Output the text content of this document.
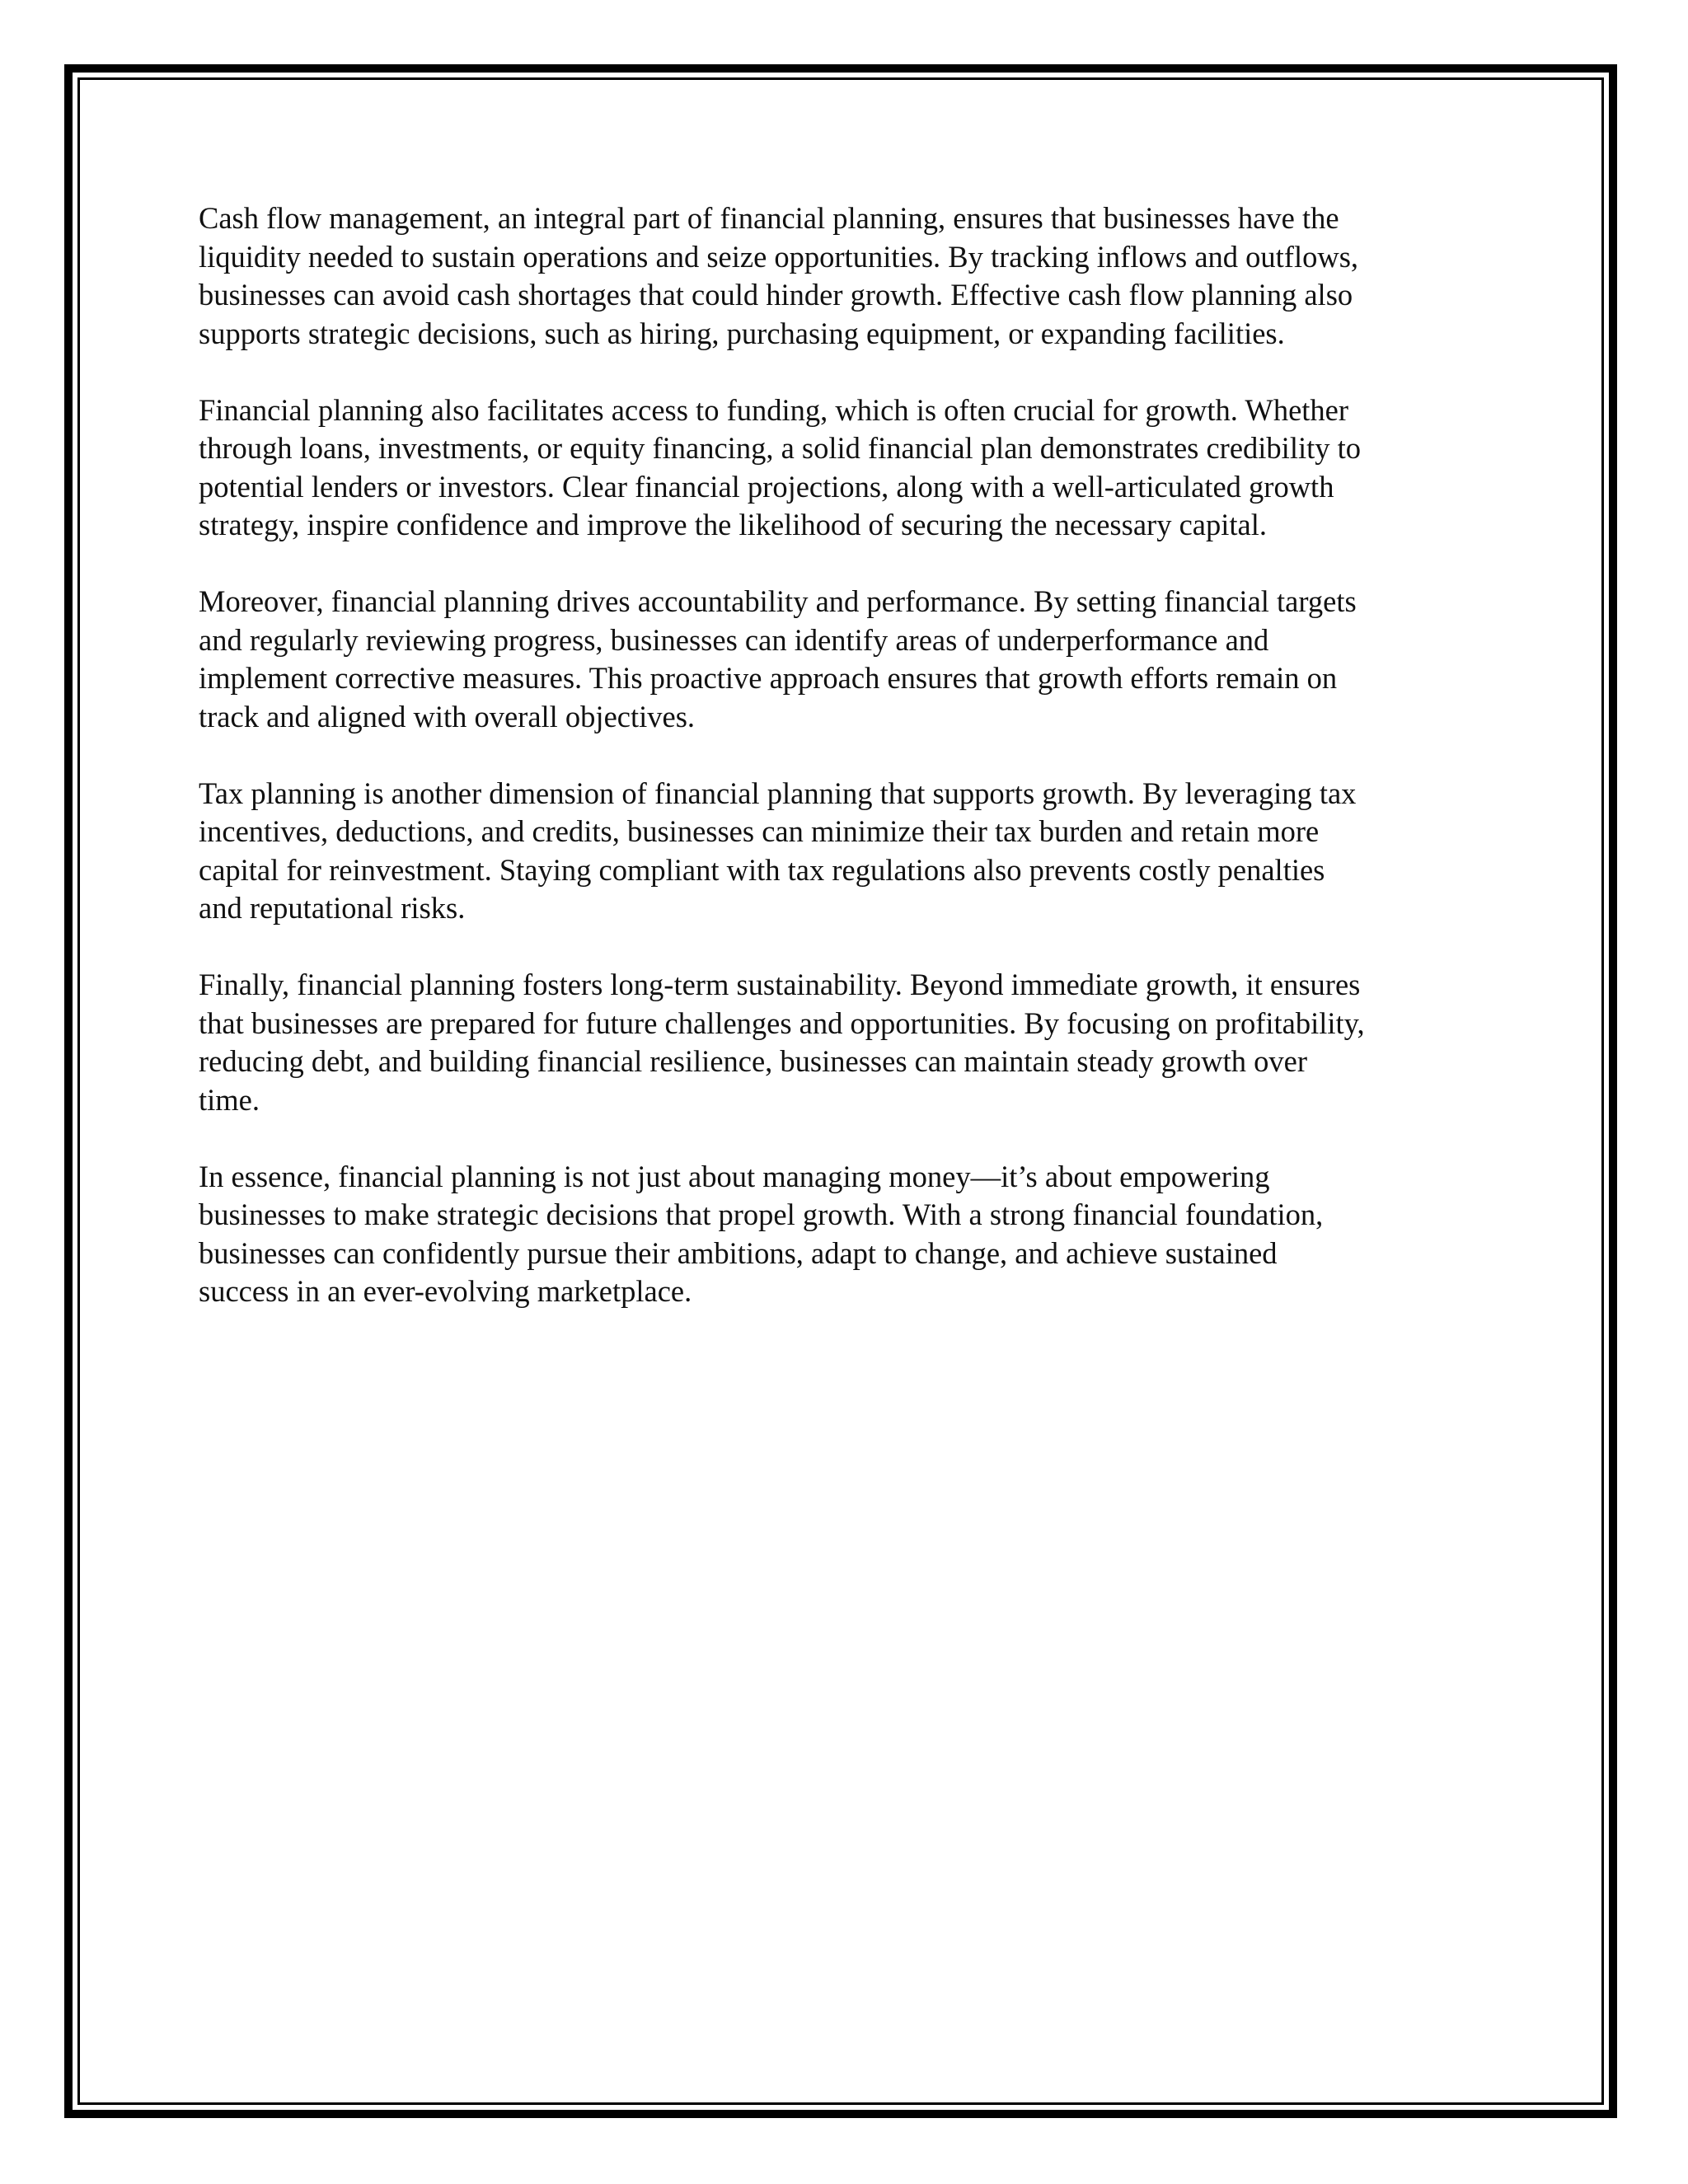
Cash flow management, an integral part of financial planning, ensures that businesses have the
liquidity needed to sustain operations and seize opportunities. By tracking inflows and outflows,
businesses can avoid cash shortages that could hinder growth. Effective cash flow planning also
supports strategic decisions, such as hiring, purchasing equipment, or expanding facilities.

Financial planning also facilitates access to funding, which is often crucial for growth. Whether
through loans, investments, or equity financing, a solid financial plan demonstrates credibility to
potential lenders or investors. Clear financial projections, along with a well-articulated growth
strategy, inspire confidence and improve the likelihood of securing the necessary capital.

Moreover, financial planning drives accountability and performance. By setting financial targets
and regularly reviewing progress, businesses can identify areas of underperformance and
implement corrective measures. This proactive approach ensures that growth efforts remain on
track and aligned with overall objectives.

Tax planning is another dimension of financial planning that supports growth. By leveraging tax
incentives, deductions, and credits, businesses can minimize their tax burden and retain more
capital for reinvestment. Staying compliant with tax regulations also prevents costly penalties
and reputational risks.

Finally, financial planning fosters long-term sustainability. Beyond immediate growth, it ensures
that businesses are prepared for future challenges and opportunities. By focusing on profitability,
reducing debt, and building financial resilience, businesses can maintain steady growth over
time.

In essence, financial planning is not just about managing money—it’s about empowering
businesses to make strategic decisions that propel growth. With a strong financial foundation,
businesses can confidently pursue their ambitions, adapt to change, and achieve sustained
success in an ever-evolving marketplace.
